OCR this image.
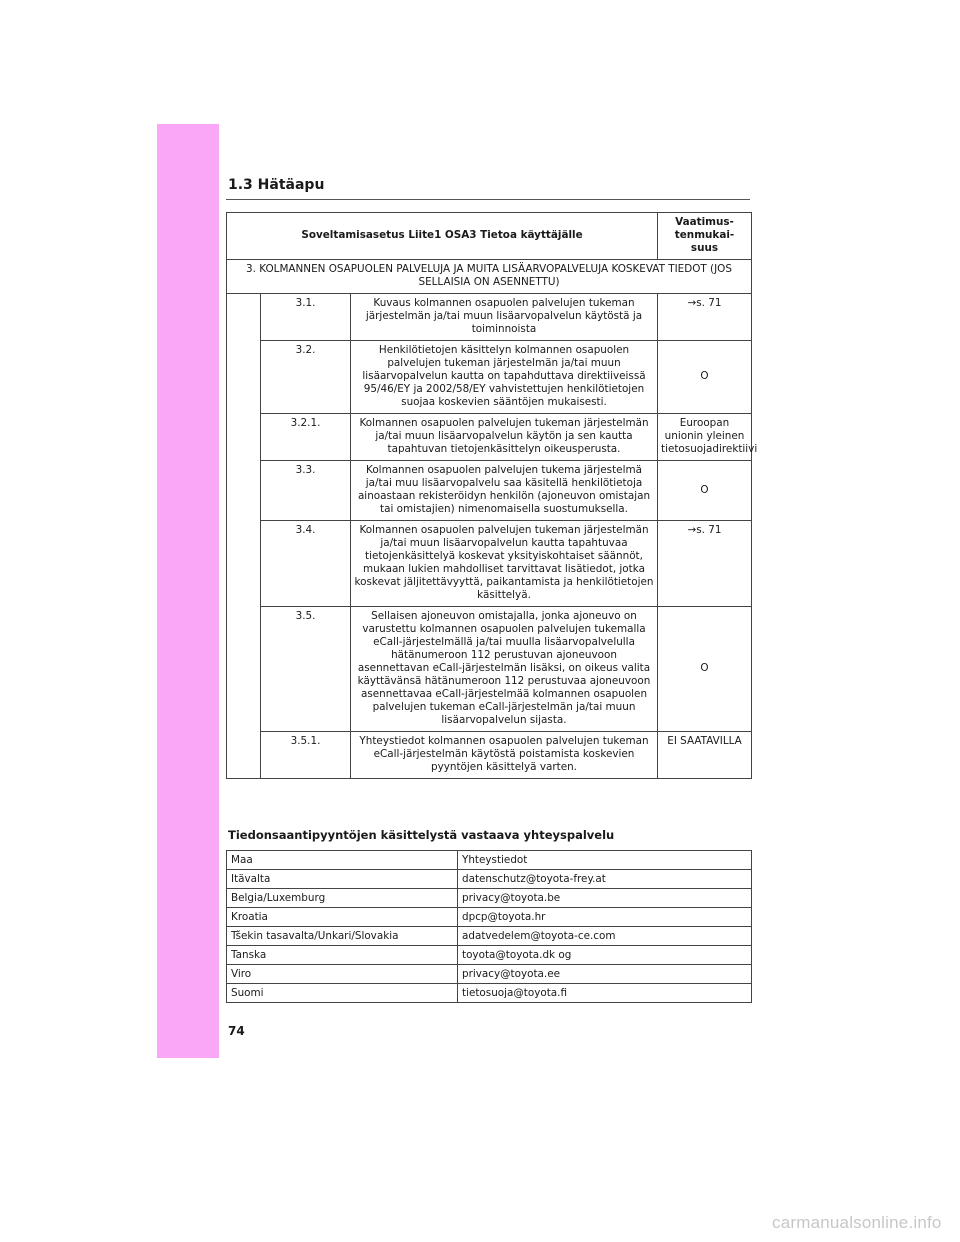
1.3 Hätäapu
Soveltamisasetus Liite1 OSA3 Tietoa käyttäjälle			Vaatimus-
tenmukai-
suus
3. KOLMANNEN OSAPUOLEN PALVELUJA JA MUITA LISÄARVOPALVELUJA KOSKEVAT TIEDOT (JOS SELLAISIA ON ASENNETTU)			
	3.1.	Kuvaus kolmannen osapuolen palvelujen tukeman järjestelmän ja/tai muun lisäarvopalvelun käytöstä ja toiminnoista	→s. 71
	3.2.	Henkilötietojen käsittelyn kolmannen osapuolen palvelujen tukeman järjestelmän ja/tai muun lisäarvopalvelun kautta on tapahduttava direktiiveissä 95/46/EY ja 2002/58/EY vahvistettujen henkilötietojen suojaa koskevien sääntöjen mukaisesti.	O
	3.2.1.	Kolmannen osapuolen palvelujen tukeman järjestelmän ja/tai muun lisäarvopalvelun käytön ja sen kautta tapahtuvan tietojenkäsittelyn oikeusperusta.	Euroopan unionin yleinen tietosuojadirektiivi
	3.3.	Kolmannen osapuolen palvelujen tukema järjestelmä ja/tai muu lisäarvopalvelu saa käsitellä henkilötietoja ainoastaan rekisteröidyn henkilön (ajoneuvon omistajan tai omistajien) nimenomaisella suostumuksella.	O
	3.4.	Kolmannen osapuolen palvelujen tukeman järjestelmän ja/tai muun lisäarvopalvelun kautta tapahtuvaa tietojenkäsittelyä koskevat yksityiskohtaiset säännöt, mukaan lukien mahdolliset tarvittavat lisätiedot, jotka koskevat jäljitettävyyttä, paikantamista ja henkilötietojen käsittelyä.	→s. 71
	3.5.	Sellaisen ajoneuvon omistajalla, jonka ajoneuvo on varustettu kolmannen osapuolen palvelujen tukemalla eCall-järjestelmällä ja/tai muulla lisäarvopalvelulla hätänumeroon 112 perustuvan ajoneuvoon asennettavan eCall-järjestelmän lisäksi, on oikeus valita käyttävänsä hätänumeroon 112 perustuvaa ajoneuvoon asennettavaa eCall-järjestelmää kolmannen osapuolen palvelujen tukeman eCall-järjestelmän ja/tai muun lisäarvopalvelun sijasta.	O
	3.5.1.	Yhteystiedot kolmannen osapuolen palvelujen tukeman eCall-järjestelmän käytöstä poistamista koskevien pyyntöjen käsittelyä varten.	EI SAATAVILLA
Tiedonsaantipyyntöjen käsittelystä vastaava yhteyspalvelu
Maa	Yhteystiedot
Itävalta	datenschutz@toyota-frey.at
Belgia/Luxemburg	privacy@toyota.be
Kroatia	dpcp@toyota.hr
Tšekin tasavalta/Unkari/Slovakia	adatvedelem@toyota-ce.com
Tanska	toyota@toyota.dk og
Viro	privacy@toyota.ee
Suomi	tietosuoja@toyota.fi
74
carmanualsonline.info
